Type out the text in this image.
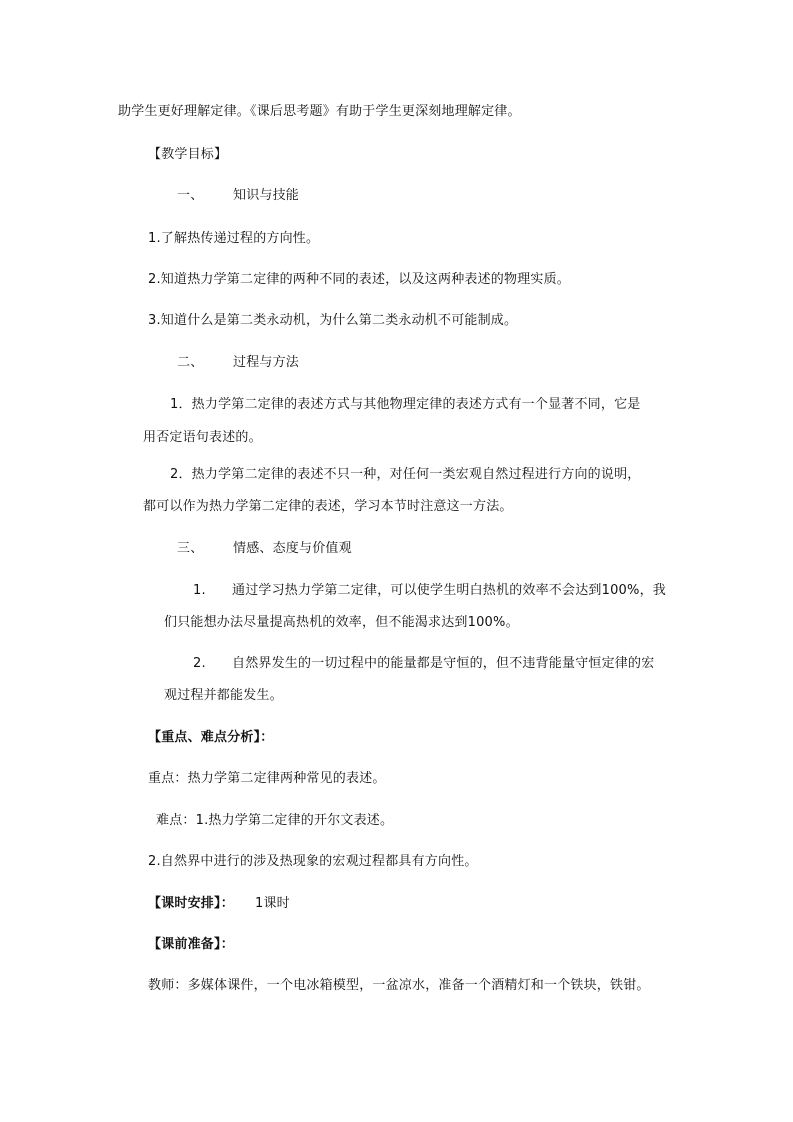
助学生更好理解定律。《课后思考题》有助于学生更深刻地理解定律。
【教学目标】
一、 知识与技能
1.了解热传递过程的方向性。
2.知道热力学第二定律的两种不同的表述，以及这两种表述的物理实质。
3.知道什么是第二类永动机，为什么第二类永动机不可能制成。
二、 过程与方法
1．热力学第二定律的表述方式与其他物理定律的表述方式有一个显著不同，它是
用否定语句表述的。
2．热力学第二定律的表述不只一种，对任何一类宏观自然过程进行方向的说明，
都可以作为热力学第二定律的表述，学习本节时注意这一方法。
三、 情感、态度与价值观
1. 通过学习热力学第二定律，可以使学生明白热机的效率不会达到100%，我
们只能想办法尽量提高热机的效率，但不能渴求达到100%。
2. 自然界发生的一切过程中的能量都是守恒的，但不违背能量守恒定律的宏
观过程并都能发生。
【重点、难点分析】：
重点：热力学第二定律两种常见的表述。
难点：1.热力学第二定律的开尔文表述。
2.自然界中进行的涉及热现象的宏观过程都具有方向性。
【课时安排】： 1课时
【课前准备】：
教师：多媒体课件，一个电冰箱模型，一盆凉水，准备一个酒精灯和一个铁块，铁钳。
